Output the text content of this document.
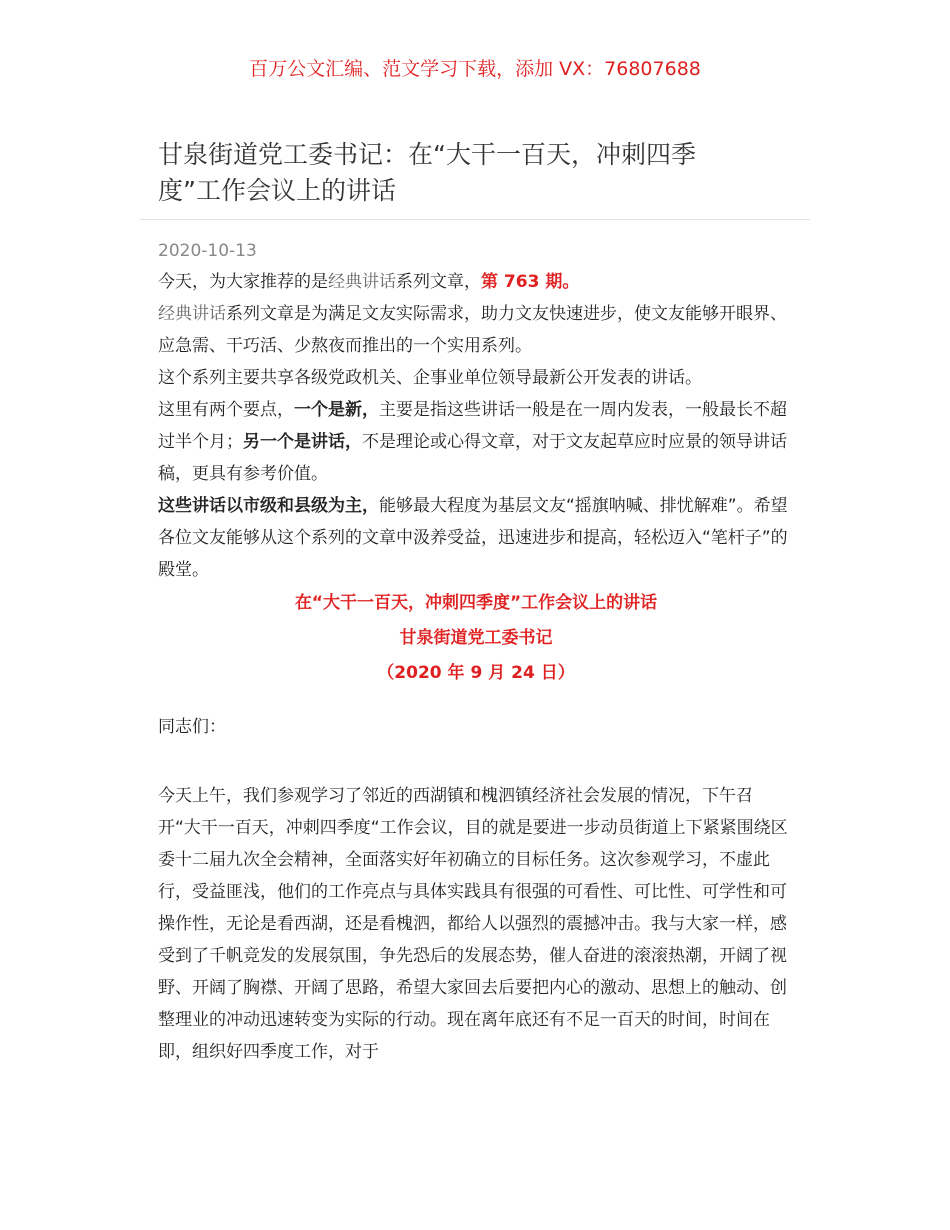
百万公文汇编、范文学习下载，添加 VX：76807688
甘泉街道党工委书记：在“大干一百天，冲刺四季度”工作会议上的讲话
2020-10-13

今天，为大家推荐的是经典讲话系列文章，第 763 期。

经典讲话系列文章是为满足文友实际需求，助力文友快速进步，使文友能够开眼界、应急需、干巧活、少熬夜而推出的一个实用系列。

这个系列主要共享各级党政机关、企事业单位领导最新公开发表的讲话。

这里有两个要点，一个是新，主要是指这些讲话一般是在一周内发表，一般最长不超过半个月；另一个是讲话，不是理论或心得文章，对于文友起草应时应景的领导讲话稿，更具有参考价值。

这些讲话以市级和县级为主，能够最大程度为基层文友“摇旗呐喊、排忧解难”。希望各位文友能够从这个系列的文章中汲养受益，迅速进步和提高，轻松迈入“笔杆子”的殿堂。

在“大干一百天，冲刺四季度”工作会议上的讲话
甘泉街道党工委书记
（2020 年 9 月 24 日）

同志们：

今天上午，我们参观学习了邻近的西湖镇和槐泗镇经济社会发展的情况，下午召开“大干一百天，冲刺四季度“工作会议，目的就是要进一步动员街道上下紧紧围绕区委十二届九次全会精神，全面落实好年初确立的目标任务。这次参观学习，不虚此行，受益匪浅，他们的工作亮点与具体实践具有很强的可看性、可比性、可学性和可操作性，无论是看西湖，还是看槐泗，都给人以强烈的震撼冲击。我与大家一样，感受到了千帆竞发的发展氛围，争先恐后的发展态势，催人奋进的滚滚热潮，开阔了视野、开阔了胸襟、开阔了思路，希望大家回去后要把内心的激动、思想上的触动、创整理业的冲动迅速转变为实际的行动。现在离年底还有不足一百天的时间，时间在即，组织好四季度工作，对于
